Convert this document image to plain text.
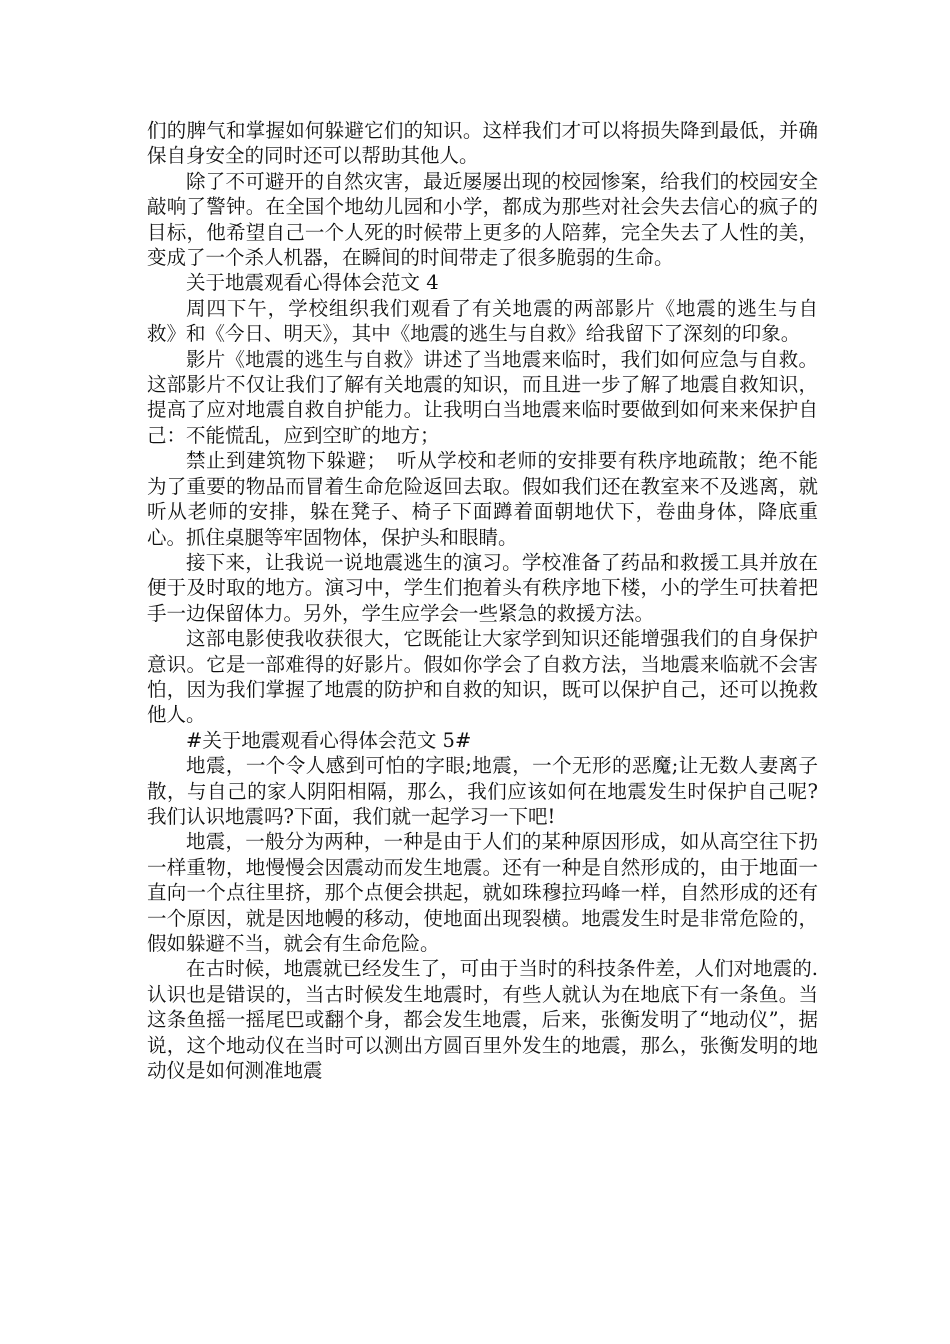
们的脾气和掌握如何躲避它们的知识。这样我们才可以将损失降到最低，并确保自身安全的同时还可以帮助其他人。

除了不可避开的自然灾害，最近屡屡出现的校园惨案，给我们的校园安全敲响了警钟。在全国个地幼儿园和小学，都成为那些对社会失去信心的疯子的目标，他希望自己一个人死的时候带上更多的人陪葬，完全失去了人性的美，变成了一个杀人机器，在瞬间的时间带走了很多脆弱的生命。

关于地震观看心得体会范文 4

周四下午，学校组织我们观看了有关地震的两部影片《地震的逃生与自救》和《今日、明天》，其中《地震的逃生与自救》给我留下了深刻的印象。

影片《地震的逃生与自救》讲述了当地震来临时，我们如何应急与自救。这部影片不仅让我们了解有关地震的知识，而且进一步了解了地震自救知识，提高了应对地震自救自护能力。让我明白当地震来临时要做到如何来来保护自己：不能慌乱，应到空旷的地方；

禁止到建筑物下躲避；　听从学校和老师的安排要有秩序地疏散；绝不能为了重要的物品而冒着生命危险返回去取。假如我们还在教室来不及逃离，就听从老师的安排，躲在凳子、椅子下面蹲着面朝地伏下，卷曲身体，降底重心。抓住桌腿等牢固物体，保护头和眼睛。

接下来，让我说一说地震逃生的演习。学校准备了药品和救援工具并放在便于及时取的地方。演习中，学生们抱着头有秩序地下楼，小的学生可扶着把手一边保留体力。另外，学生应学会一些紧急的救援方法。

这部电影使我收获很大，它既能让大家学到知识还能增强我们的自身保护意识。它是一部难得的好影片。假如你学会了自救方法，当地震来临就不会害怕，因为我们掌握了地震的防护和自救的知识，既可以保护自己，还可以挽救他人。

#关于地震观看心得体会范文 5#

地震，一个令人感到可怕的字眼;地震，一个无形的恶魔;让无数人妻离子散，与自己的家人阴阳相隔，那么，我们应该如何在地震发生时保护自己呢?我们认识地震吗?下面，我们就一起学习一下吧!

地震，一般分为两种，一种是由于人们的某种原因形成，如从高空往下扔一样重物，地慢慢会因震动而发生地震。还有一种是自然形成的，由于地面一直向一个点往里挤，那个点便会拱起，就如珠穆拉玛峰一样，自然形成的还有一个原因，就是因地幔的移动，使地面出现裂横。地震发生时是非常危险的，假如躲避不当，就会有生命危险。

在古时候，地震就已经发生了，可由于当时的科技条件差，人们对地震的.认识也是错误的，当古时候发生地震时，有些人就认为在地底下有一条鱼。当这条鱼摇一摇尾巴或翻个身，都会发生地震，后来，张衡发明了“地动仪”，据说，这个地动仪在当时可以测出方圆百里外发生的地震，那么，张衡发明的地动仪是如何测准地震
